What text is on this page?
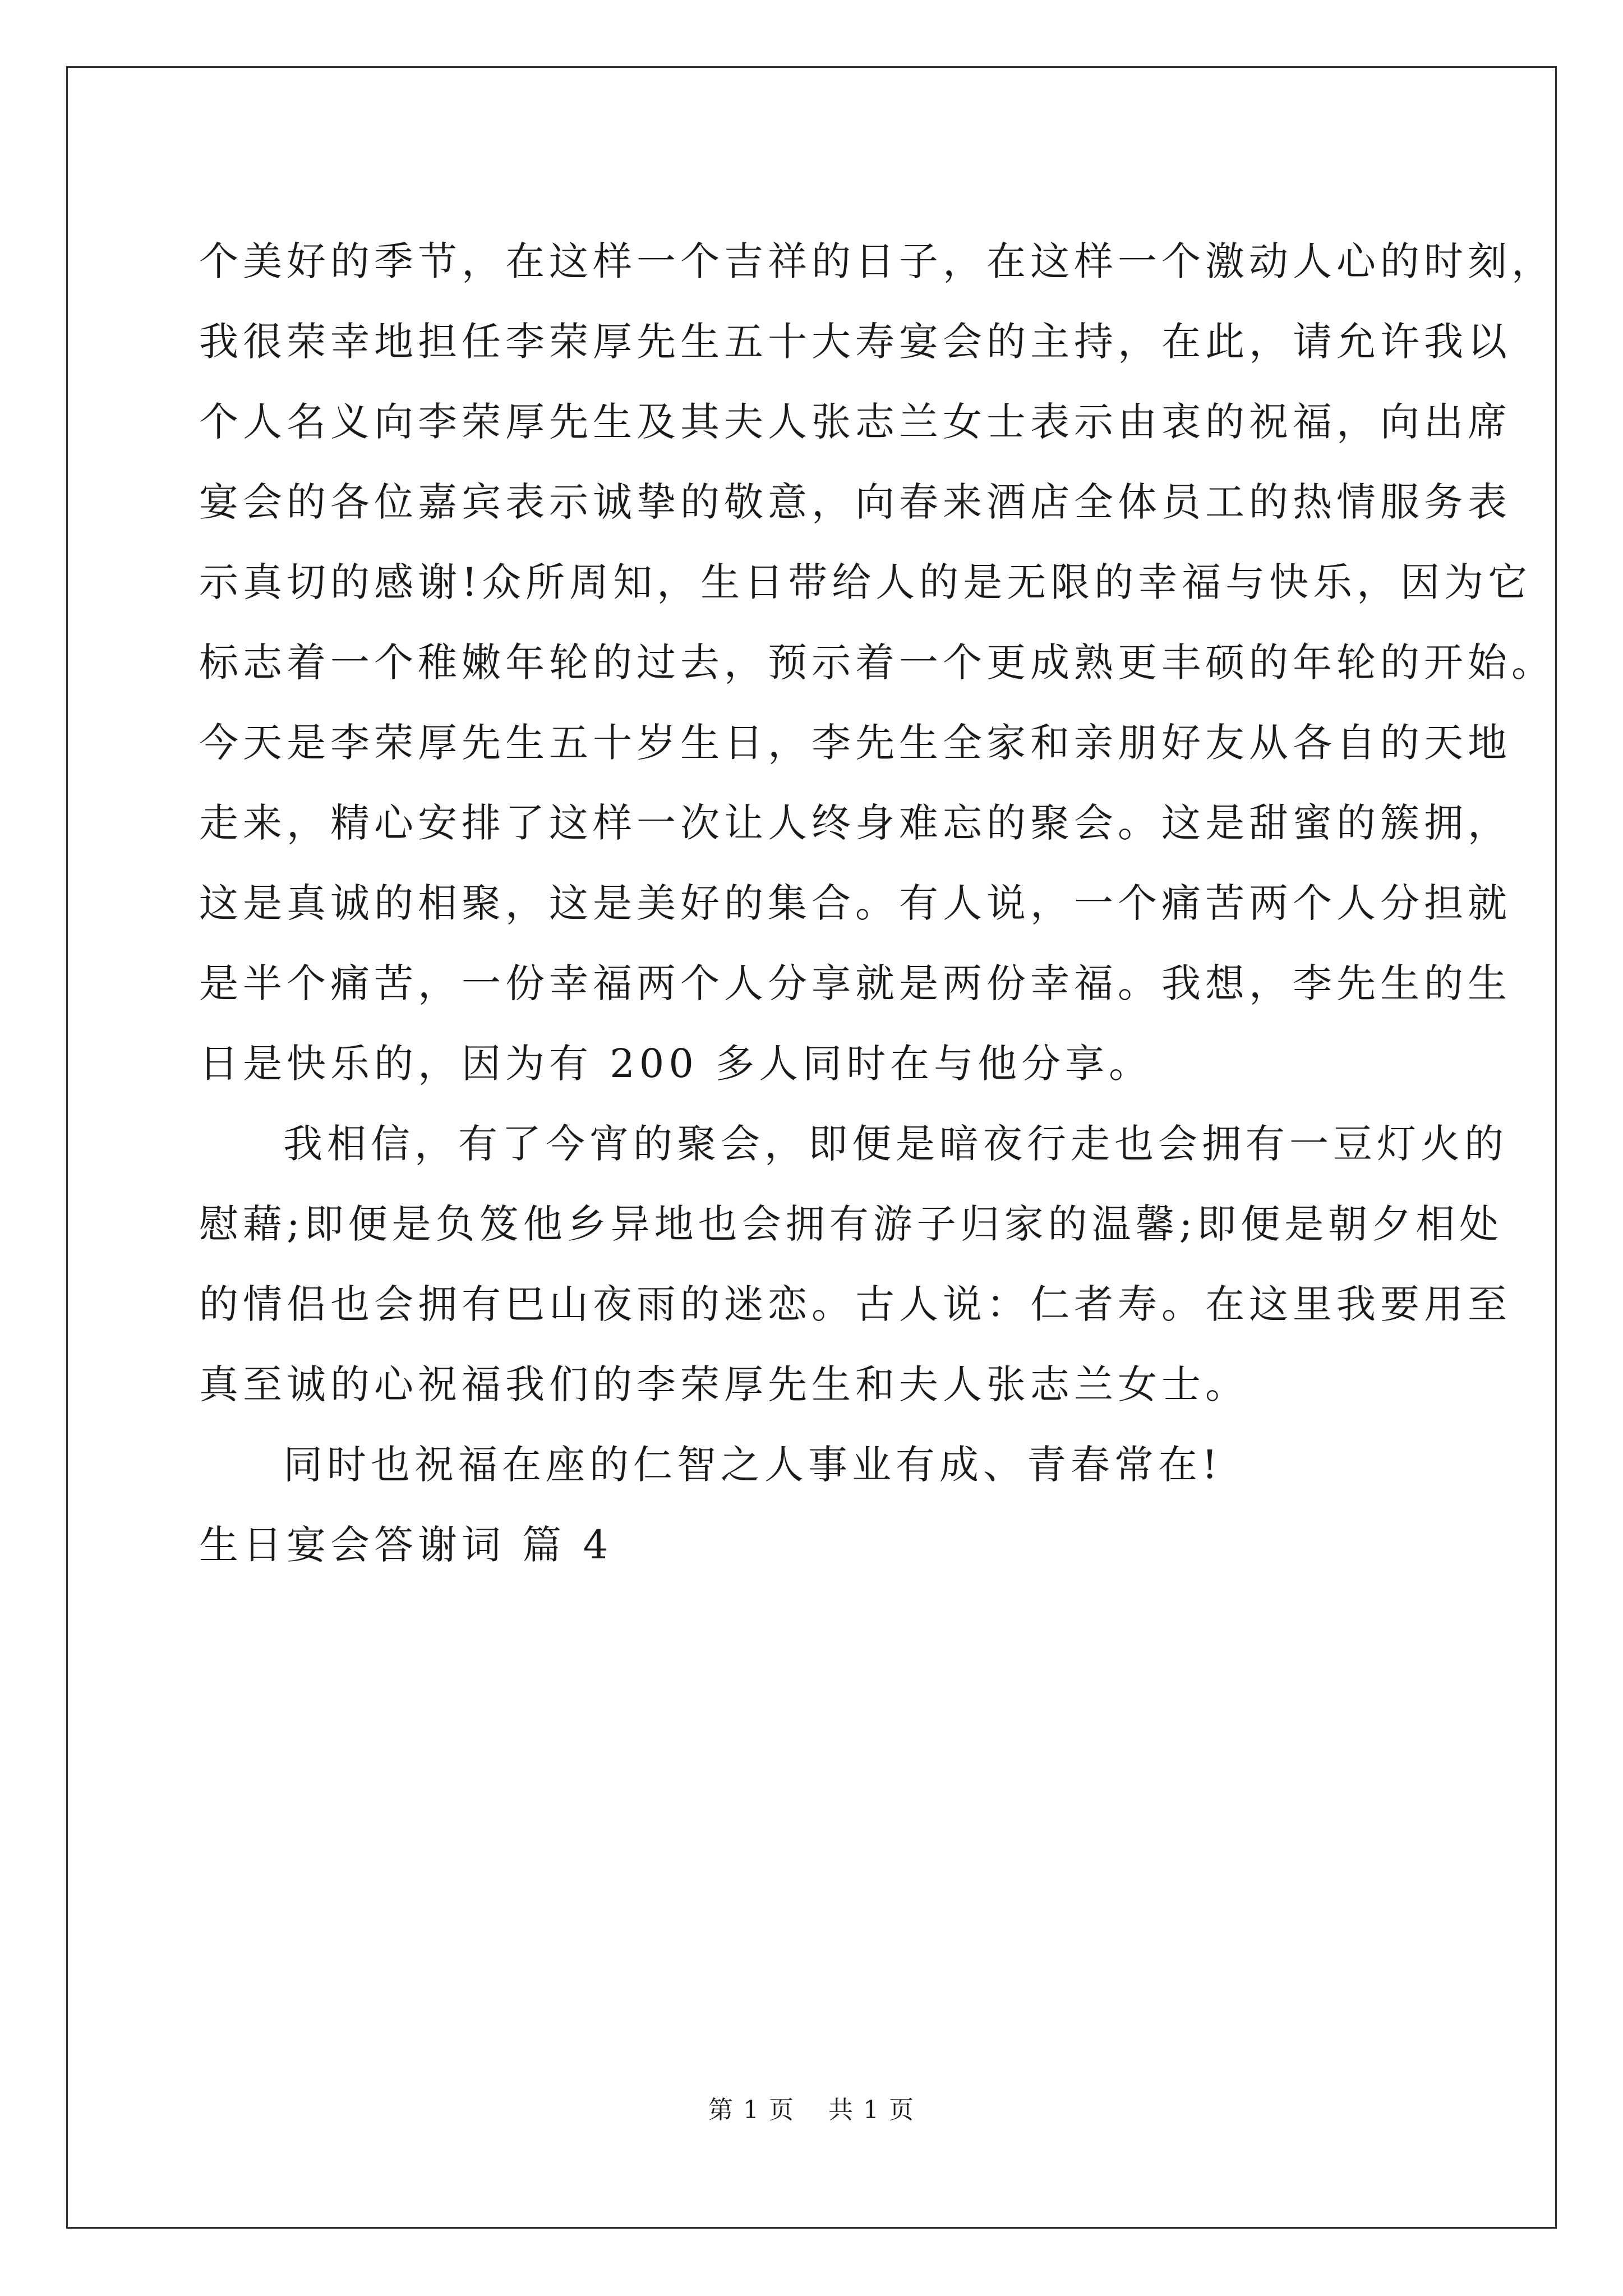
个美好的季节，在这样一个吉祥的日子，在这样一个激动人心的时刻，
我很荣幸地担任李荣厚先生五十大寿宴会的主持，在此，请允许我以
个人名义向李荣厚先生及其夫人张志兰女士表示由衷的祝福，向出席
宴会的各位嘉宾表示诚挚的敬意，向春来酒店全体员工的热情服务表
示真切的感谢!众所周知，生日带给人的是无限的幸福与快乐，因为它
标志着一个稚嫩年轮的过去，预示着一个更成熟更丰硕的年轮的开始。
今天是李荣厚先生五十岁生日，李先生全家和亲朋好友从各自的天地
走来，精心安排了这样一次让人终身难忘的聚会。这是甜蜜的簇拥，
这是真诚的相聚，这是美好的集合。有人说，一个痛苦两个人分担就
是半个痛苦，一份幸福两个人分享就是两份幸福。我想，李先生的生
日是快乐的，因为有 200 多人同时在与他分享。
我相信，有了今宵的聚会，即便是暗夜行走也会拥有一豆灯火的
慰藉;即便是负笈他乡异地也会拥有游子归家的温馨;即便是朝夕相处
的情侣也会拥有巴山夜雨的迷恋。古人说：仁者寿。在这里我要用至
真至诚的心祝福我们的李荣厚先生和夫人张志兰女士。
同时也祝福在座的仁智之人事业有成、青春常在!
生日宴会答谢词 篇 4
第 1 页 共 1 页
